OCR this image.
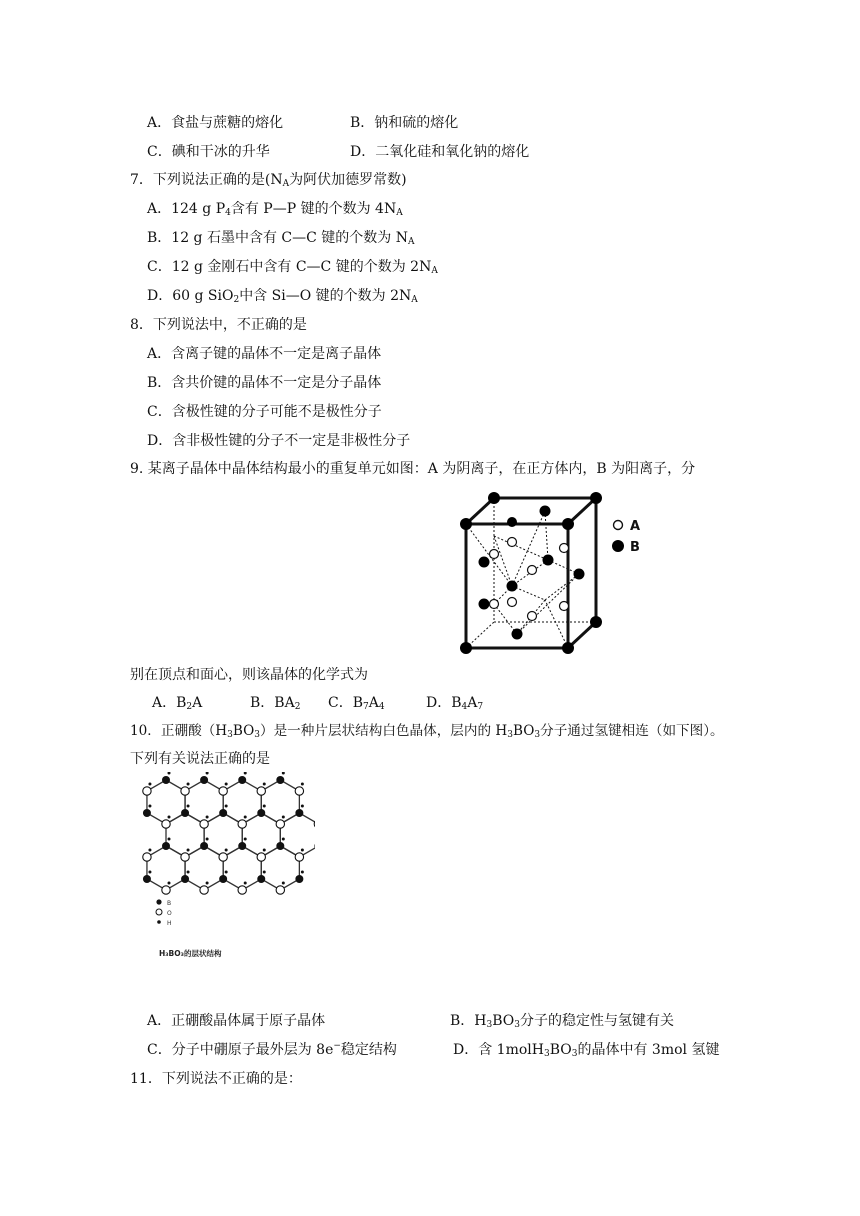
A．食盐与蔗糖的熔化	B．钠和硫的熔化
C．碘和干冰的升华	D．二氧化硅和氧化钠的熔化
7．下列说法正确的是($N_A$为阿伏加德罗常数)
A．124 g $P_4$含有 P—P 键的个数为 $4N_A$
B．12 g 石墨中含有 C—C 键的个数为 $N_A$
C．12 g 金刚石中含有 C—C 键的个数为 $2N_A$
D．60 g SiO$_2$中含 Si—O 键的个数为 $2N_A$
8．下列说法中，不正确的是
A．含离子键的晶体不一定是离子晶体
B．含共价键的晶体不一定是分子晶体
C．含极性键的分子可能不是极性分子
D．含非极性键的分子不一定是非极性分子
9. 某离子晶体中晶体结构最小的重复单元如图：A 为阴离子，在正方体内，B 为阳离子，分
A
B
别在顶点和面心，则该晶体的化学式为
A．$B_2A$	B．$BA_2$ C．$B_7A_4$	D．$B_4A_7$
10．正硼酸$(H_3BO_3)$是一种片层状结构白色晶体，层内的 $H_3BO_3$分子通过氢键相连（如下图）。
下列有关说法正确的是
B
O
H
H₃BO₃的层状结构
A．正硼酸晶体属于原子晶体	B．$H_3BO_3$分子的稳定性与氢键有关
C．分子中硼原子最外层为 8e−稳定结构	D．含 $1molH_3BO_3$的晶体中有 3mol 氢键
11．下列说法不正确的是：
